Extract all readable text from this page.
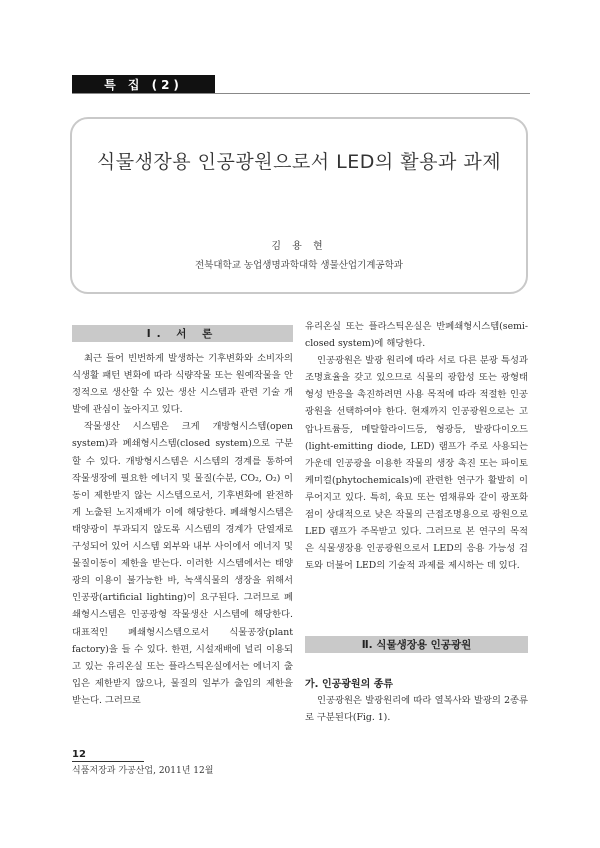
특 집 (2)
식물생장용 인공광원으로서 LED의 활용과 과제
김 용 현
전북대학교 농업생명과학대학 생물산업기계공학과
Ⅰ. 서 론

최근 들어 빈번하게 발생하는 기후변화와 소비자의 식생활 패턴 변화에 따라 식량작물 또는 원예작물을 안정적으로 생산할 수 있는 생산 시스템과 관련 기술 개발에 관심이 높아지고 있다.

작물생산 시스템은 크게 개방형시스템(open system)과 폐쇄형시스템(closed system)으로 구분할 수 있다. 개방형시스템은 시스템의 경계를 통하여 작물생장에 필요한 에너지 및 물질(수분, CO₂, O₂) 이동이 제한받지 않는 시스템으로서, 기후변화에 완전하게 노출된 노지재배가 이에 해당한다. 폐쇄형시스템은 태양광이 투과되지 않도록 시스템의 경계가 단열재로 구성되어 있어 시스템 외부와 내부 사이에서 에너지 및 물질이동이 제한을 받는다. 이러한 시스템에서는 태양광의 이용이 불가능한 바, 녹색식물의 생장을 위해서 인공광(artificial lighting)이 요구된다. 그러므로 폐쇄형시스템은 인공광형 작물생산 시스템에 해당한다. 대표적인 폐쇄형시스템으로서 식물공장(plant factory)을 들 수 있다. 한편, 시설재배에 널리 이용되고 있는 유리온실 또는 플라스틱온실에서는 에너지 출입은 제한받지 않으나, 물질의 일부가 출입의 제한을 받는다. 그러므로

유리온실 또는 플라스틱온실은 반폐쇄형시스템(semi-closed system)에 해당한다.

인공광원은 발광 원리에 따라 서로 다른 분광 특성과 조명효율을 갖고 있으므로 식물의 광합성 또는 광형태형성 반응을 촉진하려면 사용 목적에 따라 적절한 인공광원을 선택하여야 한다. 현재까지 인공광원으로는 고압나트륨등, 메탈할라이드등, 형광등, 발광다이오드(light-emitting diode, LED) 램프가 주로 사용되는 가운데 인공광을 이용한 작물의 생장 촉진 또는 파이토케미컬(phytochemicals)에 관련한 연구가 활발히 이루어지고 있다. 특히, 육묘 또는 엽채류와 같이 광포화점이 상대적으로 낮은 작물의 근접조명용으로 광원으로 LED 램프가 주목받고 있다. 그러므로 본 연구의 목적은 식물생장용 인공광원으로서 LED의 응용 가능성 검토와 더불어 LED의 기술적 과제를 제시하는 데 있다.

Ⅱ. 식물생장용 인공광원
가. 인공광원의 종류

인공광원은 발광원리에 따라 열복사와 발광의 2종류로 구분된다(Fig. 1).

12
식품저장과 가공산업, 2011년 12월
